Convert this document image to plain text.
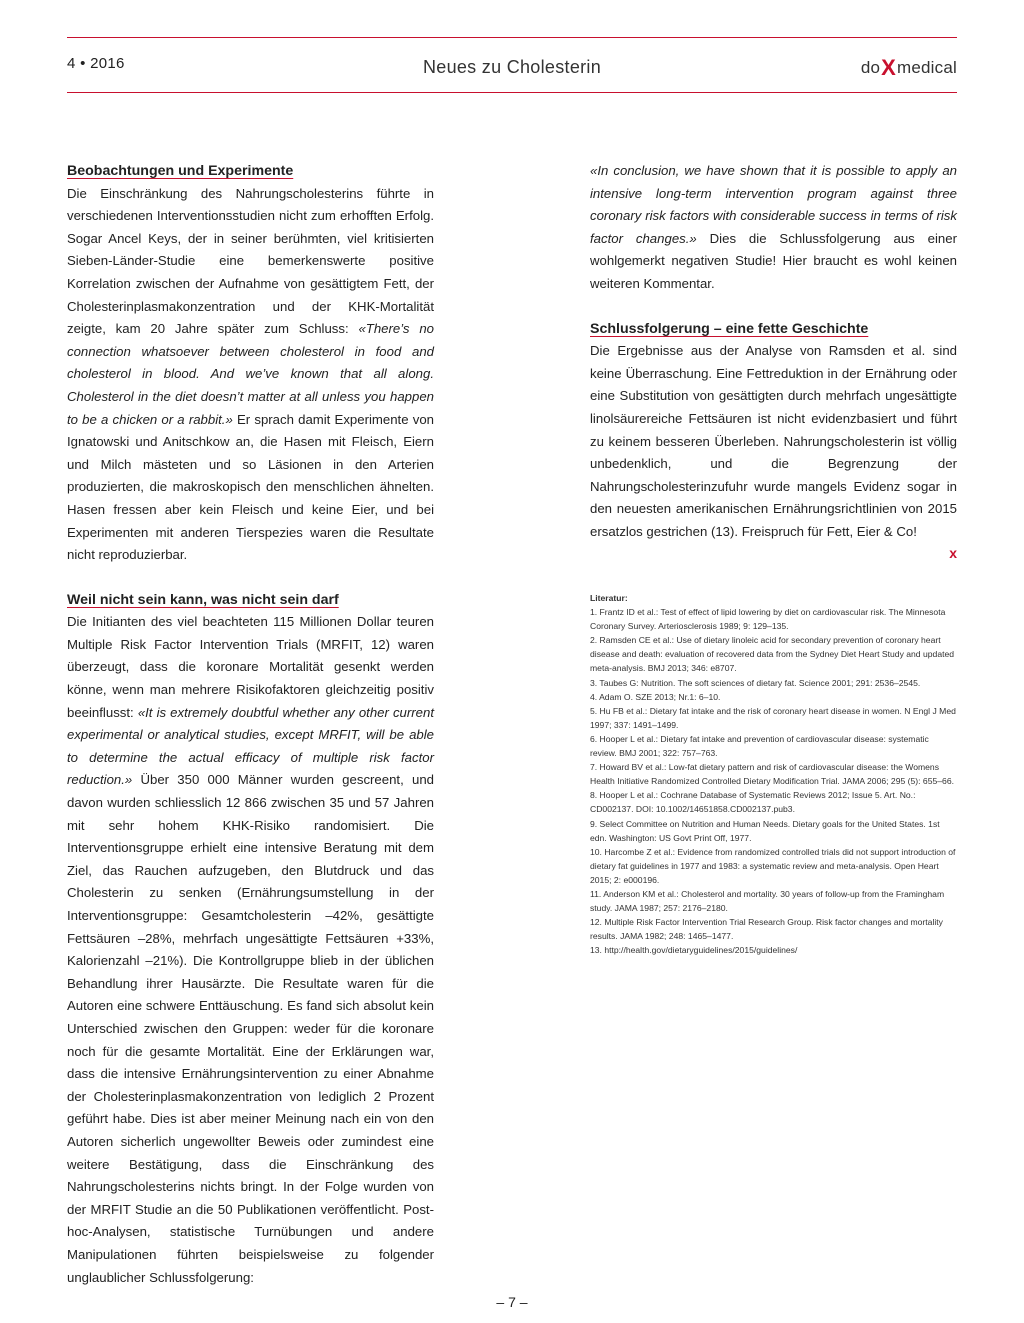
4 • 2016	Neues zu Cholesterin	doXmedical
Beobachtungen und Experimente

Die Einschränkung des Nahrungscholesterins führte in verschiedenen Interventionsstudien nicht zum erhofften Erfolg. Sogar Ancel Keys, der in seiner berühmten, viel kritisierten Sieben-Länder-Studie eine bemerkenswerte positive Korrelation zwischen der Aufnahme von gesättigtem Fett, der Cholesterinplasmakonzentration und der KHK-Mortalität zeigte, kam 20 Jahre später zum Schluss: «There’s no connection whatsoever between cholesterol in food and cholesterol in blood. And we’ve known that all along. Cholesterol in the diet doesn’t matter at all unless you happen to be a chicken or a rabbit.» Er sprach damit Experimente von Ignatowski und Anitschkow an, die Hasen mit Fleisch, Eiern und Milch mästeten und so Läsionen in den Arterien produzierten, die makroskopisch den menschlichen ähnelten. Hasen fressen aber kein Fleisch und keine Eier, und bei Experimenten mit anderen Tierspezies waren die Resultate nicht reproduzierbar.

Weil nicht sein kann, was nicht sein darf

Die Initianten des viel beachteten 115 Millionen Dollar teuren Multiple Risk Factor Intervention Trials (MRFIT, 12) waren überzeugt, dass die koronare Mortalität gesenkt werden könne, wenn man mehrere Risikofaktoren gleichzeitig positiv beeinflusst: «It is extremely doubtful whether any other current experimental or analytical studies, except MRFIT, will be able to determine the actual efficacy of multiple risk factor reduction.» Über 350 000 Männer wurden gescreent, und davon wurden schliesslich 12 866 zwischen 35 und 57 Jahren mit sehr hohem KHK-Risiko randomisiert. Die Interventionsgruppe erhielt eine intensive Beratung mit dem Ziel, das Rauchen aufzugeben, den Blutdruck und das Cholesterin zu senken (Ernährungsumstellung in der Interventionsgruppe: Gesamtcholesterin –42%, gesättigte Fettsäuren –28%, mehrfach ungesättigte Fettsäuren +33%, Kalorienzahl –21%). Die Kontrollgruppe blieb in der üblichen Behandlung ihrer Hausärzte. Die Resultate waren für die Autoren eine schwere Enttäuschung. Es fand sich absolut kein Unterschied zwischen den Gruppen: weder für die koronare noch für die gesamte Mortalität. Eine der Erklärungen war, dass die intensive Ernährungsintervention zu einer Abnahme der Cholesterinplasmakonzentration von lediglich 2 Prozent geführt habe. Dies ist aber meiner Meinung nach ein von den Autoren sicherlich ungewollter Beweis oder zumindest eine weitere Bestätigung, dass die Einschränkung des Nahrungscholesterins nichts bringt. In der Folge wurden von der MRFIT Studie an die 50 Publikationen veröffentlicht. Post-hoc-Analysen, statistische Turnübungen und andere Manipulationen führten beispielsweise zu folgender unglaublicher Schlussfolgerung:

«In conclusion, we have shown that it is possible to apply an intensive long-term intervention program against three coronary risk factors with considerable success in terms of risk factor changes.» Dies die Schlussfolgerung aus einer wohlgemerkt negativen Studie! Hier braucht es wohl keinen weiteren Kommentar.

Schlussfolgerung – eine fette Geschichte

Die Ergebnisse aus der Analyse von Ramsden et al. sind keine Überraschung. Eine Fettreduktion in der Ernährung oder eine Substitution von gesättigten durch mehrfach ungesättigte linolsäurereiche Fettsäuren ist nicht evidenzbasiert und führt zu keinem besseren Überleben. Nahrungscholesterin ist völlig unbedenklich, und die Begrenzung der Nahrungscholesterinzufuhr wurde mangels Evidenz sogar in den neuesten amerikanischen Ernährungsrichtlinien von 2015 ersatzlos gestrichen (13). Freispruch für Fett, Eier & Co!

x
Literatur:

1. Frantz ID et al.: Test of effect of lipid lowering by diet on cardiovascular risk. The Minnesota Coronary Survey. Arteriosclerosis 1989; 9: 129–135.

2. Ramsden CE et al.: Use of dietary linoleic acid for secondary prevention of coronary heart disease and death: evaluation of recovered data from the Sydney Diet Heart Study and updated meta-analysis. BMJ 2013; 346: e8707.

3. Taubes G: Nutrition. The soft sciences of dietary fat. Science 2001; 291: 2536–2545.

4. Adam O. SZE 2013; Nr.1: 6–10.

5. Hu FB et al.: Dietary fat intake and the risk of coronary heart disease in women. N Engl J Med 1997; 337: 1491–1499.

6. Hooper L et al.: Dietary fat intake and prevention of cardiovascular disease: systematic review. BMJ 2001; 322: 757–763.

7. Howard BV et al.: Low-fat dietary pattern and risk of cardiovascular disease: the Womens Health Initiative Randomized Controlled Dietary Modification Trial. JAMA 2006; 295 (5): 655–66.

8. Hooper L et al.: Cochrane Database of Systematic Reviews 2012; Issue 5. Art. No.: CD002137. DOI: 10.1002/14651858.CD002137.pub3.

9. Select Committee on Nutrition and Human Needs. Dietary goals for the United States. 1st edn. Washington: US Govt Print Off, 1977.

10. Harcombe Z et al.: Evidence from randomized controlled trials did not support introduction of dietary fat guidelines in 1977 and 1983: a systematic review and meta-analysis. Open Heart 2015; 2: e000196.

11. Anderson KM et al.: Cholesterol and mortality. 30 years of follow-up from the Framingham study. JAMA 1987; 257: 2176–2180.

12. Multiple Risk Factor Intervention Trial Research Group. Risk factor changes and mortality results. JAMA 1982; 248: 1465–1477.

13. http://health.gov/dietaryguidelines/2015/guidelines/

– 7 –
